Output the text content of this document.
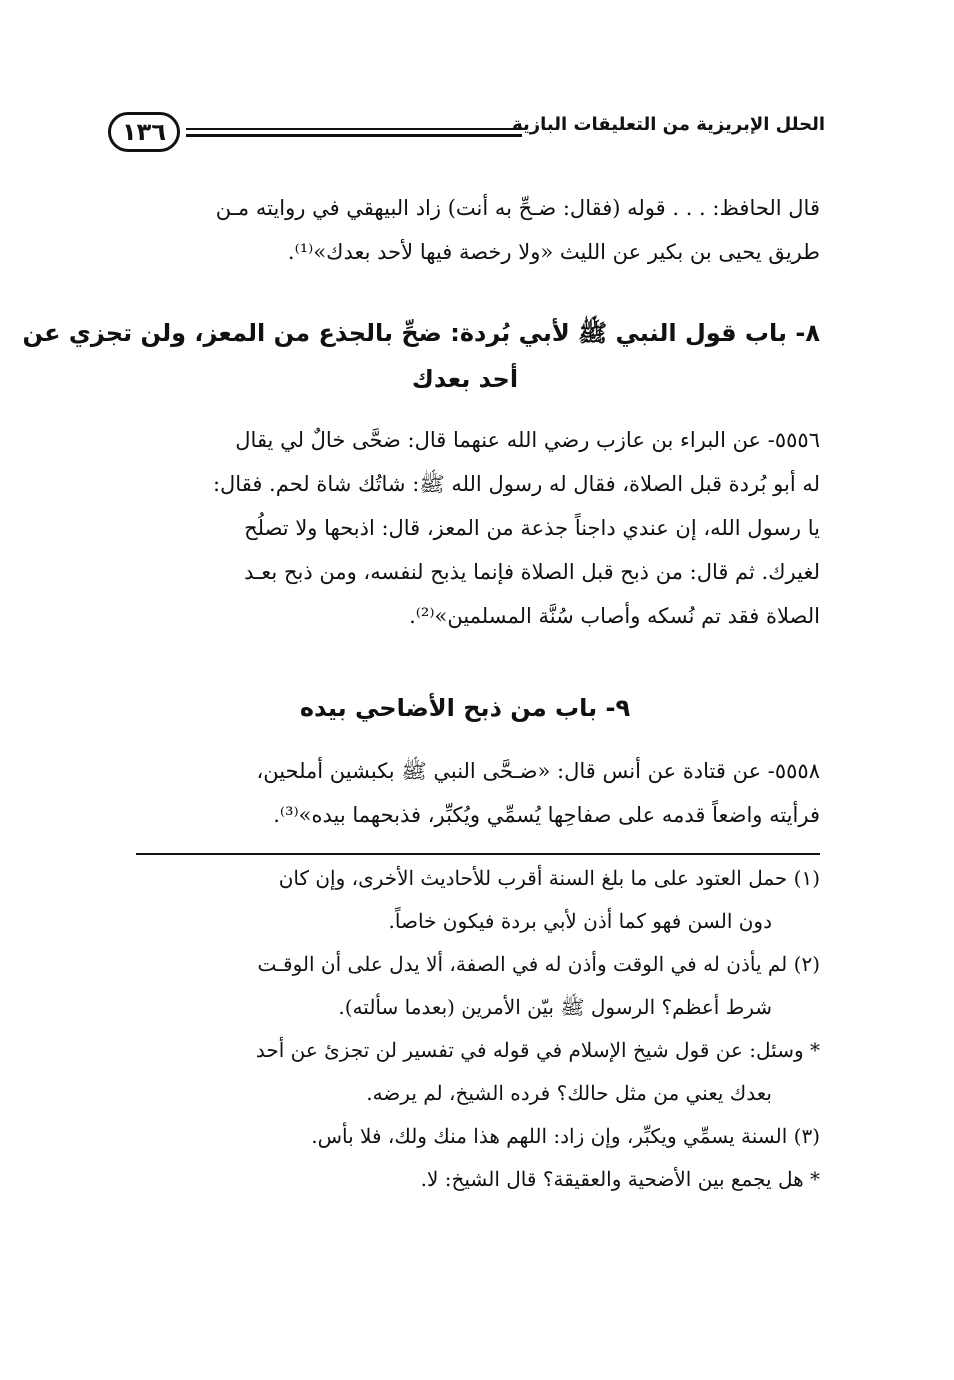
١٣٦	الحلل الإبريزية من التعليقات البازية
قال الحافظ: . . . قوله (فقال: ضـحِّ به أنت) زاد البيهقي في روايته مـن
طريق يحيى بن بكير عن الليث «ولا رخصة فيها لأحد بعدك»⁽¹⁾.
٨- باب قول النبي ﷺ لأبي بُردة: ضحِّ بالجذع من المعز، ولن تجزي عن
أحد بعدك
٥٥٥٦- عن البراء بن عازب رضي الله عنهما قال: ضحَّى خالٌ لي يقال
له أبو بُردة قبل الصلاة، فقال له رسول الله ﷺ: شاتُك شاة لحم. فقال:
يا رسول الله، إن عندي داجناً جذعة من المعز، قال: اذبحها ولا تصلُح
لغيرك. ثم قال: من ذبح قبل الصلاة فإنما يذبح لنفسه، ومن ذبح بعـد
الصلاة فقد تم نُسكه وأصاب سُنَّة المسلمين»⁽²⁾.
٩- باب من ذبح الأضاحي بيده
٥٥٥٨- عن قتادة عن أنس قال: «ضـحَّى النبي ﷺ بكبشين أملحين،
فرأيته واضعاً قدمه على صفاحِها يُسمِّي ويُكبِّر، فذبحهما بيده»⁽³⁾.
(١) حمل العتود على ما بلغ السنة أقرب للأحاديث الأخرى، وإن كان
دون السن فهو كما أذن لأبي بردة فيكون خاصاً.
(٢) لم يأذن له في الوقت وأذن له في الصفة، ألا يدل على أن الوقـت
شرط أعظم؟ الرسول ﷺ بيّن الأمرين (بعدما سألته).
* وسئل: عن قول شيخ الإسلام في قوله في تفسير لن تجزئ عن أحد
بعدك يعني من مثل حالك؟ فرده الشيخ، لم يرضه.
(٣) السنة يسمِّي ويكبِّر، وإن زاد: اللهم هذا منك ولك، فلا بأس.
* هل يجمع بين الأضحية والعقيقة؟ قال الشيخ: لا.
